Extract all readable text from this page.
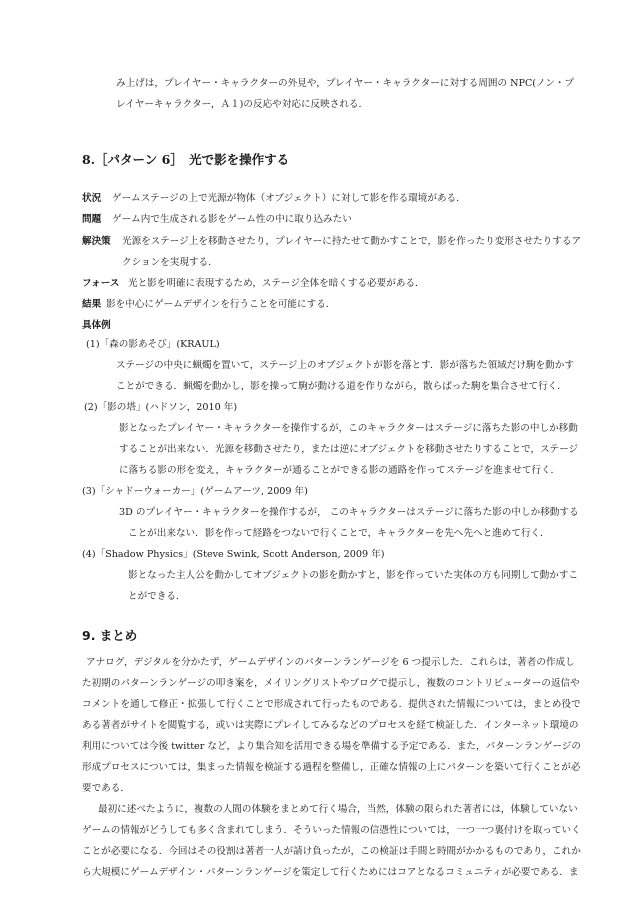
み上げは，プレイヤー・キャラクターの外見や，プレイヤー・キャラクターに対する周囲の NPC(ノン・プ
レイヤーキャラクター，Ａ１)の反応や対応に反映される．
8.［パターン 6］　光で影を操作する
状況 ゲームステージの上で光源が物体（オブジェクト）に対して影を作る環境がある．
問題 ゲーム内で生成される影をゲーム性の中に取り込みたい
解決策 光源をステージ上を移動させたり，プレイヤーに持たせて動かすことで，影を作ったり変形させたりするア
クションを実現する．
フォース 光と影を明確に表現するため，ステージ全体を暗くする必要がある．
結果 影を中心にゲームデザインを行うことを可能にする．
具体例
(1)「森の影あそび」(KRAUL)
ステージの中央に蝋燭を置いて，ステージ上のオブジェクトが影を落とす．影が落ちた領域だけ駒を動かす
ことができる．蝋燭を動かし，影を操って駒が動ける道を作りながら，散らばった駒を集合させて行く．
(2)「影の塔」(ハドソン，2010 年)
影となったプレイヤー・キャラクターを操作するが，このキャラクターはステージに落ちた影の中しか移動
することが出来ない．光源を移動させたり，または逆にオブジェクトを移動させたりすることで，ステージ
に落ちる影の形を変え，キャラクターが通ることができる影の通路を作ってステージを進ませて行く．
(3)「シャドーウォーカー」(ゲームアーツ, 2009 年)
3D のプレイヤー・キャラクターを操作するが， このキャラクターはステージに落ちた影の中しか移動する
ことが出来ない．影を作って経路をつないで行くことで，キャラクターを先へ先へと進めて行く．
(4)「Shadow Physics」(Steve Swink, Scott Anderson, 2009 年)
影となった主人公を動かしてオブジェクトの影を動かすと，影を作っていた実体の方も同期して動かすこ
とができる．
9. まとめ
アナログ，デジタルを分かたず，ゲームデザインのパターンランゲージを 6 つ提示した．これらは，著者の作成し
た初期のパターンランゲージの叩き案を，メイリングリストやブログで提示し，複数のコントリビューターの返信や
コメントを通して修正・拡張して行くことで形成されて行ったものである．提供された情報については，まとめ役で
ある著者がサイトを閲覧する，或いは実際にプレイしてみるなどのプロセスを経て検証した．インターネット環境の
利用については今後 twitter など，より集合知を活用できる場を準備する予定である．また，パターンランゲージの
形成プロセスについては，集まった情報を検証する過程を整備し，正確な情報の上にパターンを築いて行くことが必
要である．
最初に述べたように，複数の人間の体験をまとめて行く場合，当然，体験の限られた著者には，体験していない
ゲームの情報がどうしても多く含まれてしまう．そういった情報の信憑性については，一つ一つ裏付けを取っていく
ことが必要になる．今回はその役割は著者一人が請け負ったが，この検証は手間と時間がかかるものであり，これか
ら大規模にゲームデザイン・パターンランゲージを策定して行くためにはコアとなるコミュニティが必要である．ま
